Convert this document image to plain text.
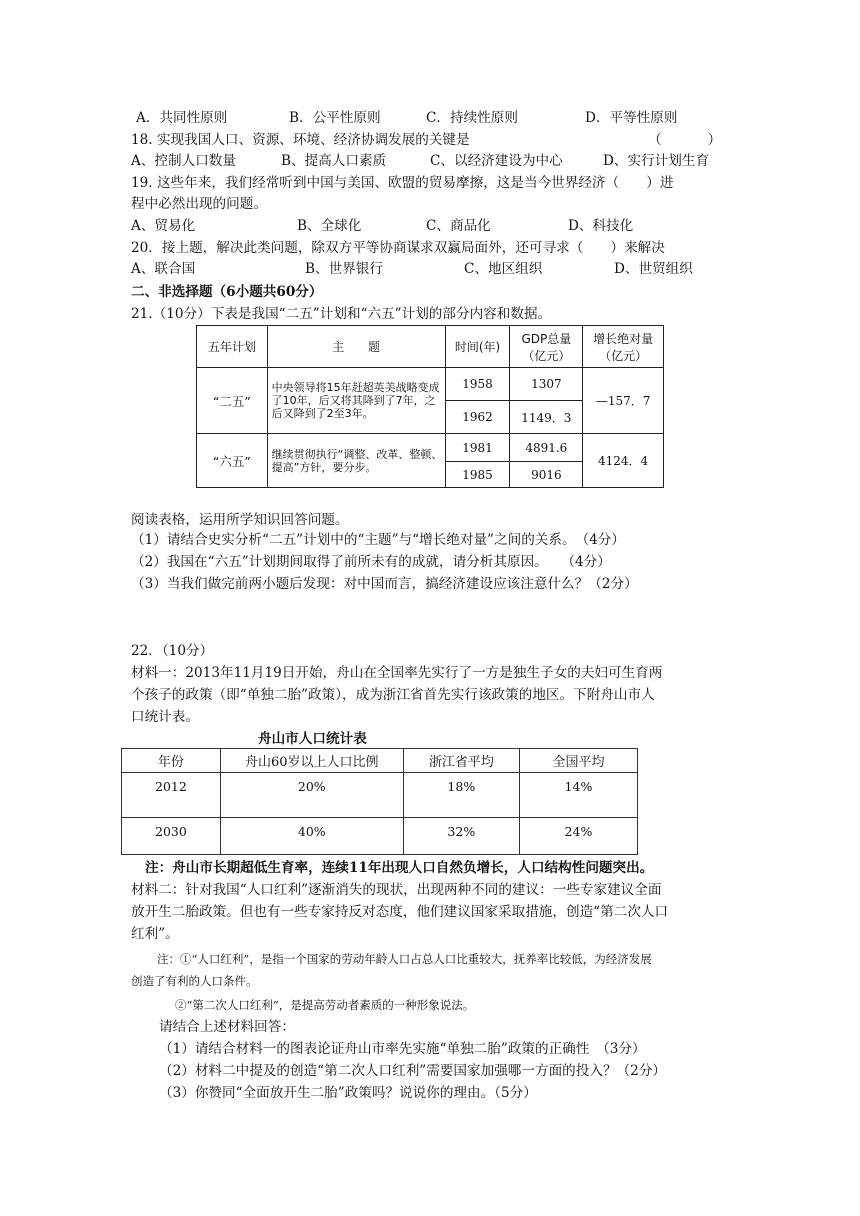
A．共同性原则	B．公平性原则	C．持续性原则	D．平等性原则
18. 实现我国人口、资源、环境、经济协调发展的关键是	（	）
A、控制人口数量	B、提高人口素质	C、以经济建设为中心	D、实行计划生育
19. 这些年来，我们经常听到中国与美国、欧盟的贸易摩擦，这是当今世界经济（　　）进
程中必然出现的问题。
A、贸易化	B、全球化	C、商品化	D、科技化
20．接上题，解决此类问题，除双方平等协商谋求双赢局面外，还可寻求（　　）来解决
A、联合国	B、世界银行	C、地区组织	D、世贸组织
二、非选择题（6小题共60分）
21.（10分）下表是我国“二五”计划和“六五”计划的部分内容和数据。
五年计划	主　　题	时间(年)	GDP总量（亿元）	增长绝对量（亿元）
“二五”	中央领导将15年赶超英美战略变成了10年，后又将其降到了7年，之后又降到了2至3年。	1958	1307	—157．7
		1962	1149．3	
“六五”	继续贯彻执行“调整、改革、整顿、提高”方针，要分步。	1981	4891.6	4124．4
		1985	9016	
阅读表格，运用所学知识回答问题。
（1）请结合史实分析“二五”计划中的“主题”与“增长绝对量”之间的关系。　（4分）
（2）我国在“六五”计划期间取得了前所未有的成就，请分析其原因。　　（4分）
（3）当我们做完前两小题后发现：对中国而言，搞经济建设应该注意什么？（2分）
22．（10分）
材料一：2013年11月19日开始，舟山在全国率先实行了一方是独生子女的夫妇可生育两
个孩子的政策（即“单独二胎”政策），成为浙江省首先实行该政策的地区。下附舟山市人
口统计表。
舟山市人口统计表
年份	舟山60岁以上人口比例	浙江省平均	全国平均
2012	20%	18%	14%
2030	40%	32%	24%
注：舟山市长期超低生育率，连续11年出现人口自然负增长，人口结构性问题突出。
材料二：针对我国“人口红利”逐渐消失的现状，出现两种不同的建议：一些专家建议全面
放开生二胎政策。但也有一些专家持反对态度，他们建议国家采取措施，创造“第二次人口
红利”。
注：①“人口红利”，是指一个国家的劳动年龄人口占总人口比重较大，抚养率比较低，为经济发展
创造了有利的人口条件。
②“第二次人口红利”，是提高劳动者素质的一种形象说法。
请结合上述材料回答：
（1）请结合材料一的图表论证舟山市率先实施“单独二胎”政策的正确性　（3分）
（2）材料二中提及的创造“第二次人口红利”需要国家加强哪一方面的投入？（2分）
（3）你赞同“全面放开生二胎”政策吗？说说你的理由。（5分）
